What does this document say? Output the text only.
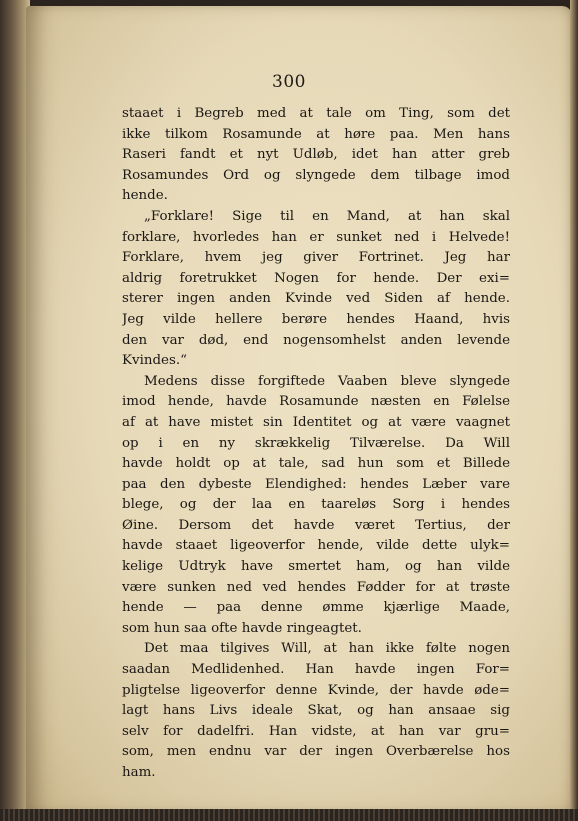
300
staaet i Begreb med at tale om Ting, som det
ikke tilkom Rosamunde at høre paa. Men hans
Raseri fandt et nyt Udløb, idet han atter greb
Rosamundes Ord og slyngede dem tilbage imod
hende.
„Forklare! Sige til en Mand, at han skal
forklare, hvorledes han er sunket ned i Helvede!
Forklare, hvem jeg giver Fortrinet. Jeg har
aldrig foretrukket Nogen for hende. Der exi=
sterer ingen anden Kvinde ved Siden af hende.
Jeg vilde hellere berøre hendes Haand, hvis
den var død, end nogensomhelst anden levende
Kvindes.“
Medens disse forgiftede Vaaben bleve slyngede
imod hende, havde Rosamunde næsten en Følelse
af at have mistet sin Identitet og at være vaagnet
op i en ny skrækkelig Tilværelse. Da Will
havde holdt op at tale, sad hun som et Billede
paa den dybeste Elendighed: hendes Læber vare
blege, og der laa en taareløs Sorg i hendes
Øine. Dersom det havde været Tertius, der
havde staaet ligeoverfor hende, vilde dette ulyk=
kelige Udtryk have smertet ham, og han vilde
være sunken ned ved hendes Fødder for at trøste
hende — paa denne ømme kjærlige Maade,
som hun saa ofte havde ringeagtet.
Det maa tilgives Will, at han ikke følte nogen
saadan Medlidenhed. Han havde ingen For=
pligtelse ligeoverfor denne Kvinde, der havde øde=
lagt hans Livs ideale Skat, og han ansaae sig
selv for dadelfri. Han vidste, at han var gru=
som, men endnu var der ingen Overbærelse hos
ham.
